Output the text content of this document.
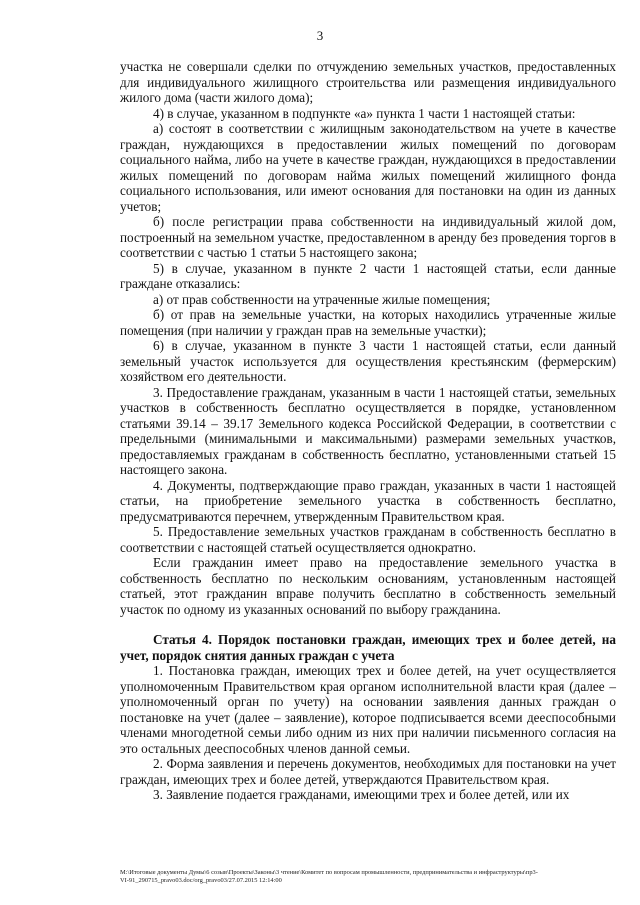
3

участка не совершали сделки по отчуждению земельных участков, предоставленных для индивидуального жилищного строительства или размещения индивидуального жилого дома (части жилого дома);

4) в случае, указанном в подпункте «а» пункта 1 части 1 настоящей статьи:

а) состоят в соответствии с жилищным законодательством на учете в качестве граждан, нуждающихся в предоставлении жилых помещений по договорам социального найма, либо на учете в качестве граждан, нуждающихся в предоставлении жилых помещений по договорам найма жилых помещений жилищного фонда социального использования, или имеют основания для постановки на один из данных учетов;

б) после регистрации права собственности на индивидуальный жилой дом, построенный на земельном участке, предоставленном в аренду без проведения торгов в соответствии с частью 1 статьи 5 настоящего закона;

5) в случае, указанном в пункте 2 части 1 настоящей статьи, если данные граждане отказались:

а) от прав собственности на утраченные жилые помещения;

б) от прав на земельные участки, на которых находились утраченные жилые помещения (при наличии у граждан прав на земельные участки);

6) в случае, указанном в пункте 3 части 1 настоящей статьи, если данный земельный участок используется для осуществления крестьянским (фермерским) хозяйством его деятельности.

3. Предоставление гражданам, указанным в части 1 настоящей статьи, земельных участков в собственность бесплатно осуществляется в порядке, установленном статьями 39.14 – 39.17 Земельного кодекса Российской Федерации, в соответствии с предельными (минимальными и максимальными) размерами земельных участков, предоставляемых гражданам в собственность бесплатно, установленными статьей 15 настоящего закона.

4. Документы, подтверждающие право граждан, указанных в части 1 настоящей статьи, на приобретение земельного участка в собственность бесплатно, предусматриваются перечнем, утвержденным Правительством края.

5. Предоставление земельных участков гражданам в собственность бесплатно в соответствии с настоящей статьей осуществляется однократно.

Если гражданин имеет право на предоставление земельного участка в собственность бесплатно по нескольким основаниям, установленным настоящей статьей, этот гражданин вправе получить бесплатно в собственность земельный участок по одному из указанных оснований по выбору гражданина.

Статья 4. Порядок постановки граждан, имеющих трех и более детей, на учет, порядок снятия данных граждан с учета

1. Постановка граждан, имеющих трех и более детей, на учет осуществляется уполномоченным Правительством края органом исполнительной власти края (далее – уполномоченный орган по учету) на основании заявления данных граждан о постановке на учет (далее – заявление), которое подписывается всеми дееспособными членами многодетной семьи либо одним из них при наличии письменного согласия на это остальных дееспособных членов данной семьи.

2. Форма заявления и перечень документов, необходимых для постановки на учет граждан, имеющих трех и более детей, утверждаются Правительством края.

3. Заявление подается гражданами, имеющими трех и более детей, или их

M:\Итоговые документы Думы\6 созыв\Проекты\Законы\3 чтение\Комитет по вопросам промышленности, предпринимательства и инфраструктуры\пр3-
VI-91_290715_pravo03.doc/org_pravo03/27.07.2015 12:14:00
